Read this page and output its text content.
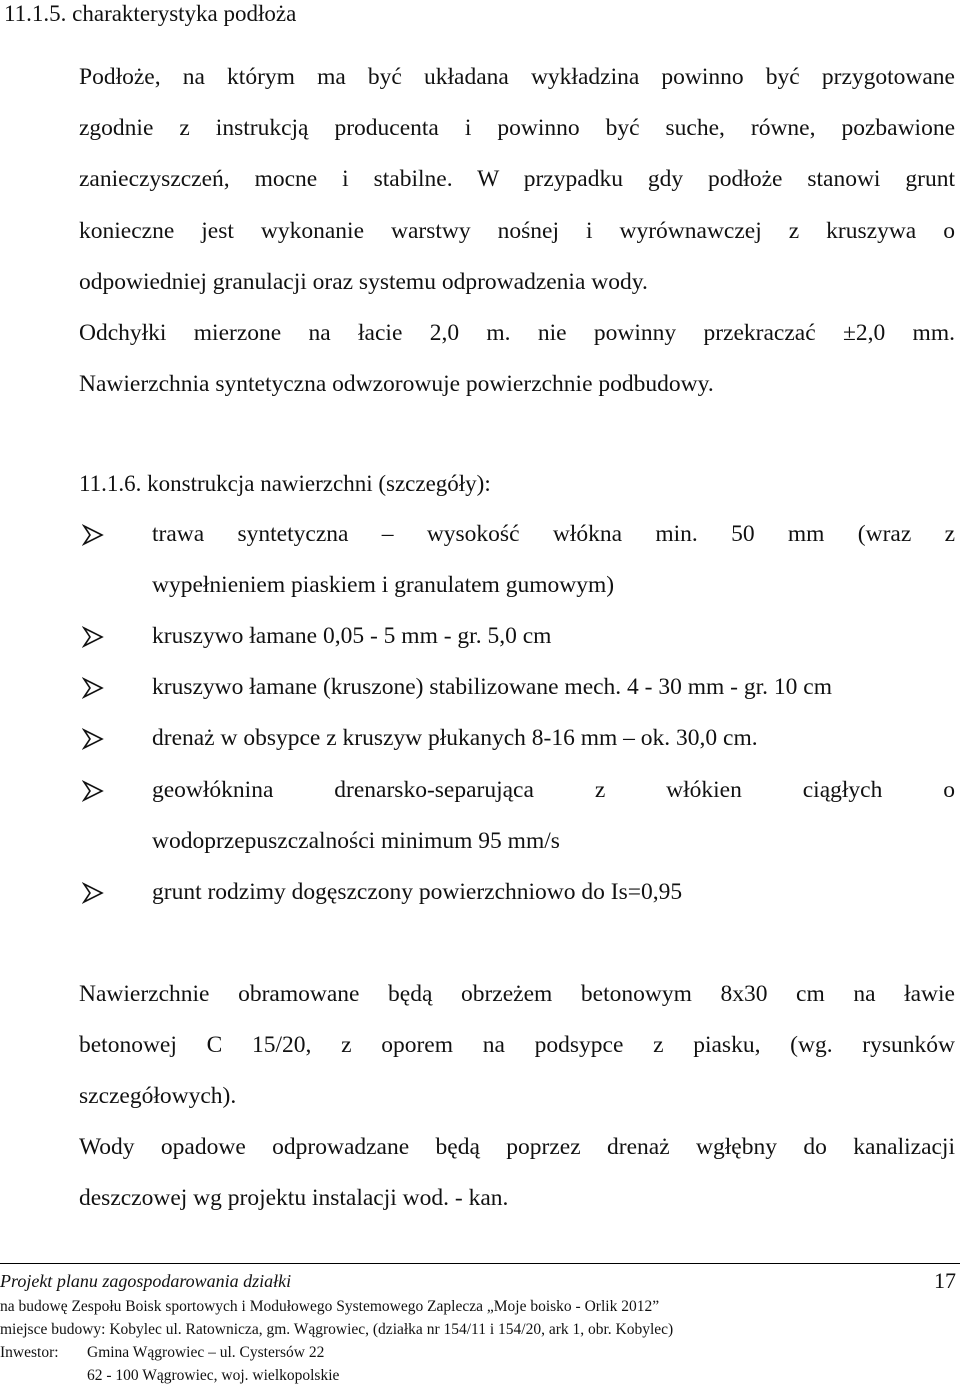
11.1.5. charakterystyka podłoża
Podłoże, na którym ma być układana wykładzina powinno być przygotowane
zgodnie z instrukcją producenta i powinno być suche, równe, pozbawione
zanieczyszczeń, mocne i stabilne. W przypadku gdy podłoże stanowi grunt
konieczne jest wykonanie warstwy nośnej i wyrównawczej z kruszywa o
odpowiedniej granulacji oraz systemu odprowadzenia wody.
Odchyłki mierzone na łacie 2,0 m. nie powinny przekraczać ±2,0 mm.
Nawierzchnia syntetyczna odwzorowuje powierzchnie podbudowy.
11.1.6. konstrukcja nawierzchni (szczegóły):
trawa syntetyczna – wysokość włókna min. 50 mm (wraz z
wypełnieniem piaskiem i granulatem gumowym)
kruszywo łamane 0,05 - 5 mm - gr. 5,0 cm
kruszywo łamane (kruszone) stabilizowane mech. 4 - 30 mm - gr. 10 cm
drenaż w obsypce z kruszyw płukanych 8-16 mm – ok. 30,0 cm.
geowłóknina drenarsko-separująca z włókien ciągłych o
wodoprzepuszczalności minimum 95 mm/s
grunt rodzimy dogęszczony powierzchniowo do Is=0,95
Nawierzchnie obramowane będą obrzeżem betonowym 8x30 cm na ławie
betonowej C 15/20, z oporem na podsypce z piasku, (wg. rysunków
szczegółowych).
Wody opadowe odprowadzane będą poprzez drenaż wgłębny do kanalizacji
deszczowej wg projektu instalacji wod. - kan.
Projekt planu zagospodarowania działki	17
na budowę Zespołu Boisk sportowych i Modułowego Systemowego Zaplecza „Moje boisko - Orlik 2012”
miejsce budowy: Kobylec ul. Ratownicza, gm. Wągrowiec, (działka nr 154/11 i 154/20, ark 1, obr. Kobylec)
Inwestor: Gmina Wągrowiec – ul. Cystersów 22
62 - 100 Wągrowiec, woj. wielkopolskie
